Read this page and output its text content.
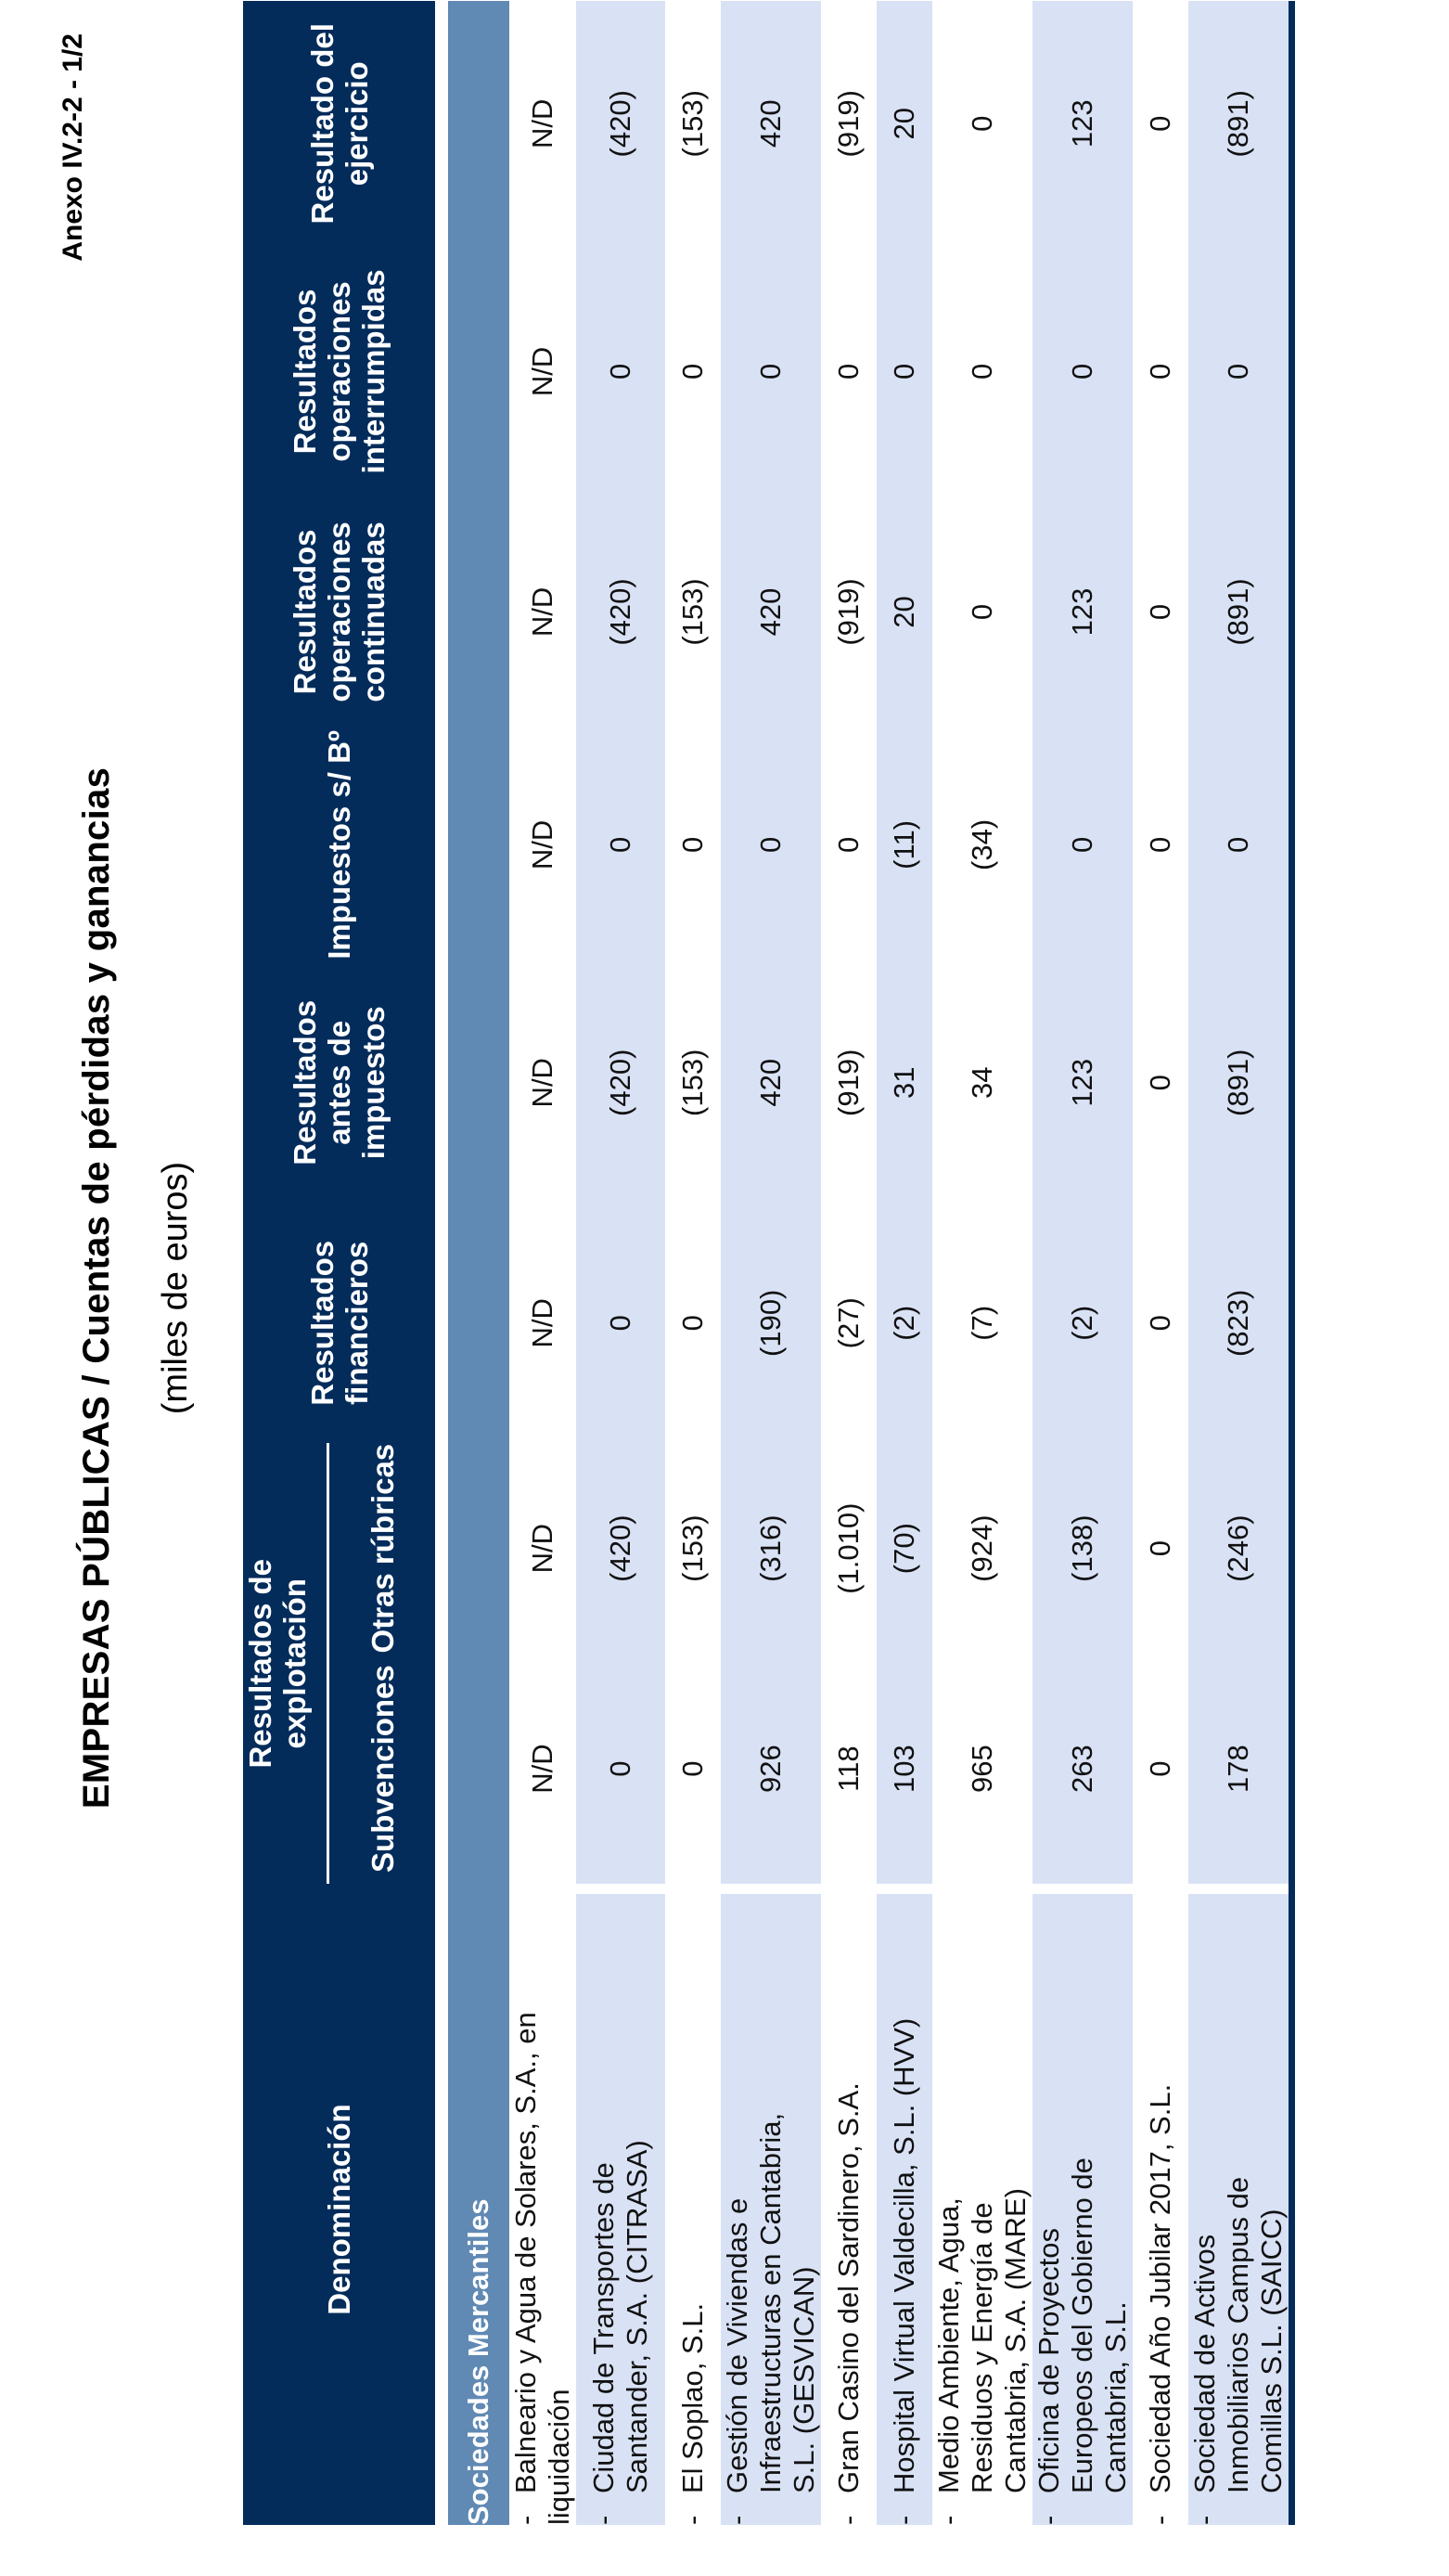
Anexo IV.2-2 - 1/2
EMPRESAS PÚBLICAS / Cuentas de pérdidas y ganancias (miles de euros)
Denominación		Resultados de explotación		Resultados financieros	Resultados antes de impuestos	Impuestos s/ Bº	Resultados operaciones continuadas	Resultados operaciones interrumpidas	Resultado del ejercicio
		Subvenciones	Otras rúbricas						

Sociedades Mercantiles									
-Balneario y Agua de Solares, S.A., en liquidación		N/D	N/D	N/D	N/D	N/D	N/D	N/D	N/D
-Ciudad de Transportes de Santander, S.A. (CITRASA)		0	(420)	0	(420)	0	(420)	0	(420)
-El Soplao, S.L.		0	(153)	0	(153)	0	(153)	0	(153)
-Gestión de Viviendas e Infraestructuras en Cantabria, S.L. (GESVICAN)		926	(316)	(190)	420	0	420	0	420
-Gran Casino del Sardinero, S.A.		118	(1.010)	(27)	(919)	0	(919)	0	(919)
-Hospital Virtual Valdecilla, S.L. (HVV)		103	(70)	(2)	31	(11)	20	0	20
-Medio Ambiente, Agua, Residuos y Energía de Cantabria, S.A. (MARE)		965	(924)	(7)	34	(34)	0	0	0
-Oficina de Proyectos Europeos del Gobierno de Cantabria, S.L.		263	(138)	(2)	123	0	123	0	123
-Sociedad Año Jubilar 2017, S.L.		0	0	0	0	0	0	0	0
-Sociedad de Activos Inmobiliarios Campus de Comillas S.L. (SAICC)		178	(246)	(823)	(891)	0	(891)	0	(891)
